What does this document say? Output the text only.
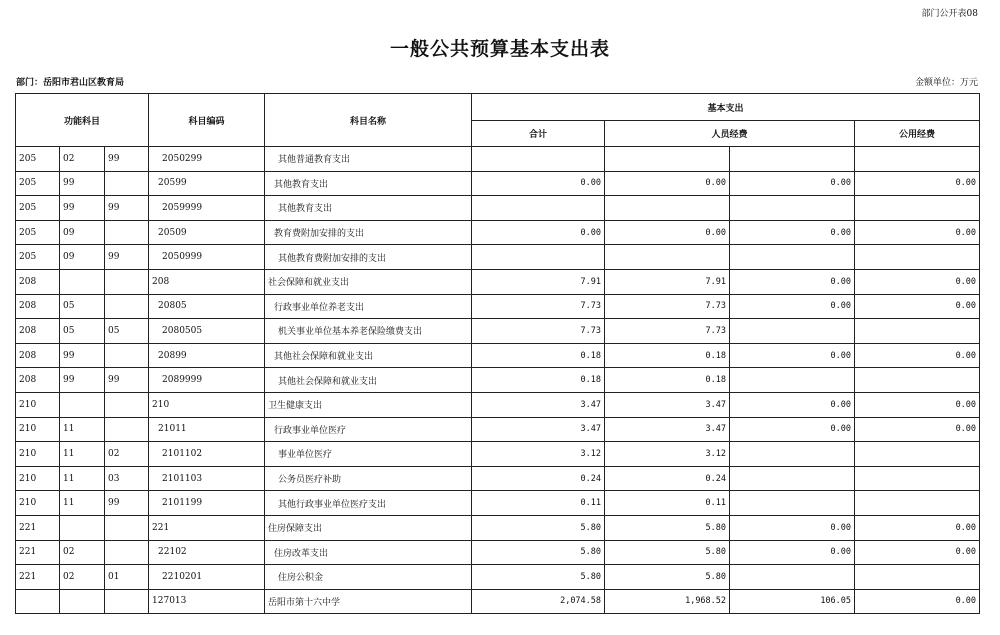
部门公开表08
一般公共预算基本支出表
部门：岳阳市君山区教育局	金额单位：万元
功能科目			科目编码	科目名称	基本支出			
					合计	人员经费		公用经费
205	02	99	2050299	其他普通教育支出				
205	99		20599	其他教育支出	0.00	0.00	0.00	0.00
205	99	99	2059999	其他教育支出				
205	09		20509	教育费附加安排的支出	0.00	0.00	0.00	0.00
205	09	99	2050999	其他教育费附加安排的支出				
208			208	社会保障和就业支出	7.91	7.91	0.00	0.00
208	05		20805	行政事业单位养老支出	7.73	7.73	0.00	0.00
208	05	05	2080505	机关事业单位基本养老保险缴费支出	7.73	7.73		
208	99		20899	其他社会保障和就业支出	0.18	0.18	0.00	0.00
208	99	99	2089999	其他社会保障和就业支出	0.18	0.18		
210			210	卫生健康支出	3.47	3.47	0.00	0.00
210	11		21011	行政事业单位医疗	3.47	3.47	0.00	0.00
210	11	02	2101102	事业单位医疗	3.12	3.12		
210	11	03	2101103	公务员医疗补助	0.24	0.24		
210	11	99	2101199	其他行政事业单位医疗支出	0.11	0.11		
221			221	住房保障支出	5.80	5.80	0.00	0.00
221	02		22102	住房改革支出	5.80	5.80	0.00	0.00
221	02	01	2210201	住房公积金	5.80	5.80		
			127013	岳阳市第十六中学	2,074.58	1,968.52	106.05	0.00
